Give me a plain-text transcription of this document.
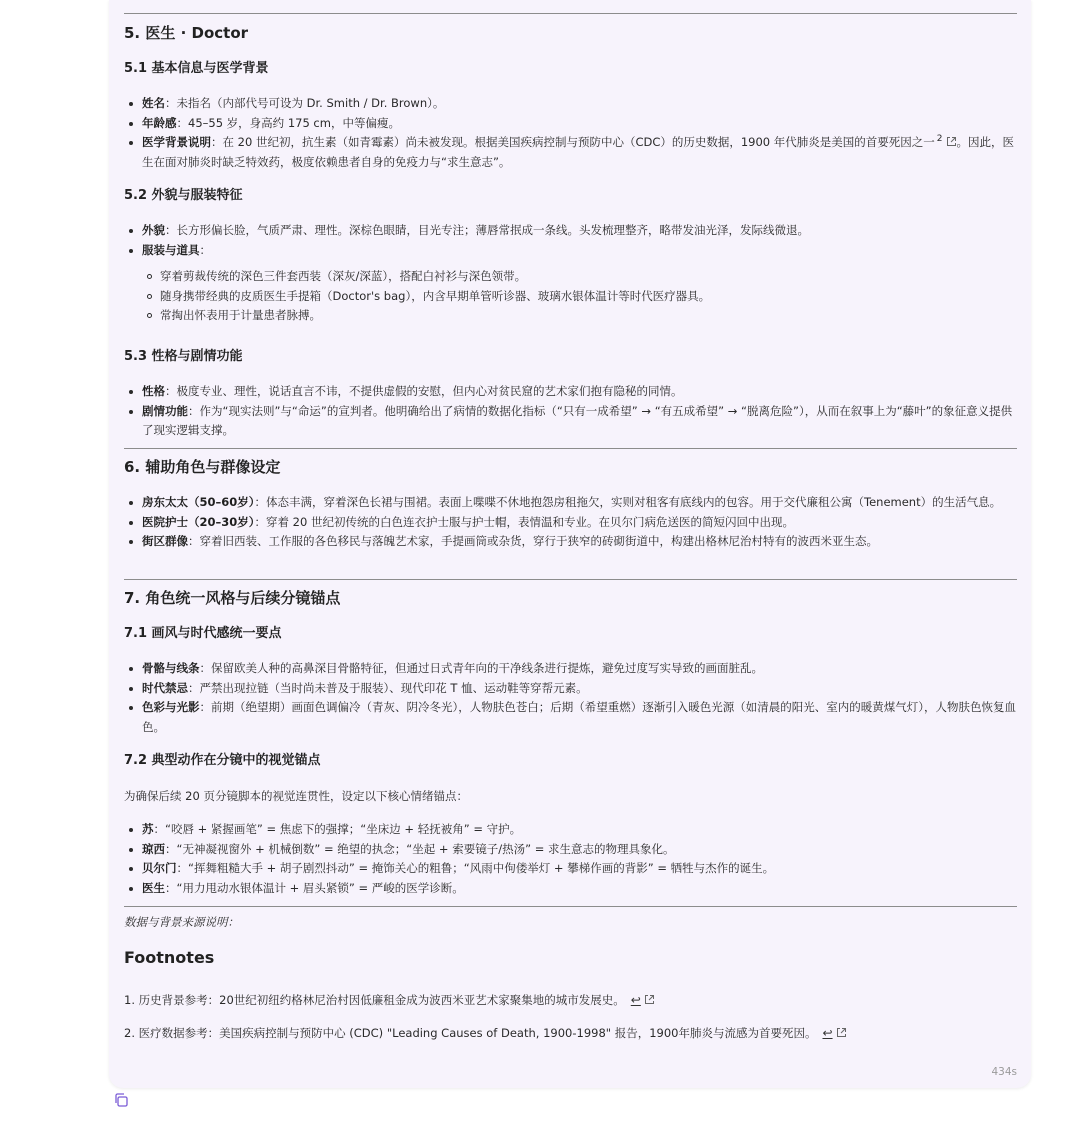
5. 医生 · Doctor
5.1 基本信息与医学背景
姓名：未指名（内部代号可设为 Dr. Smith / Dr. Brown）。
年龄感：45–55 岁，身高约 175 cm，中等偏瘦。
医学背景说明：在 20 世纪初，抗生素（如青霉素）尚未被发现。根据美国疾病控制与预防中心（CDC）的历史数据，1900 年代肺炎是美国的首要死因之一 $^2$ 。因此，医生在面对肺炎时缺乏特效药，极度依赖患者自身的免疫力与“求生意志”。
5.2 外貌与服装特征
外貌：长方形偏长脸，气质严肃、理性。深棕色眼睛，目光专注；薄唇常抿成一条线。头发梳理整齐，略带发油光泽，发际线微退。
服装与道具：
穿着剪裁传统的深色三件套西装（深灰/深蓝），搭配白衬衫与深色领带。
随身携带经典的皮质医生手提箱（Doctor's bag），内含早期单管听诊器、玻璃水银体温计等时代医疗器具。
常掏出怀表用于计量患者脉搏。
5.3 性格与剧情功能
性格：极度专业、理性，说话直言不讳，不提供虚假的安慰，但内心对贫民窟的艺术家们抱有隐秘的同情。
剧情功能：作为“现实法则”与“命运”的宣判者。他明确给出了病情的数据化指标（“只有一成希望” → “有五成希望” → “脱离危险”），从而在叙事上为“藤叶”的象征意义提供了现实逻辑支撑。
6. 辅助角色与群像设定
房东太太（50–60岁）：体态丰满，穿着深色长裙与围裙。表面上喋喋不休地抱怨房租拖欠，实则对租客有底线内的包容。用于交代廉租公寓（Tenement）的生活气息。
医院护士（20–30岁）：穿着 20 世纪初传统的白色连衣护士服与护士帽，表情温和专业。在贝尔门病危送医的简短闪回中出现。
街区群像：穿着旧西装、工作服的各色移民与落魄艺术家，手提画筒或杂货，穿行于狭窄的砖砌街道中，构建出格林尼治村特有的波西米亚生态。
7. 角色统一风格与后续分镜锚点
7.1 画风与时代感统一要点
骨骼与线条：保留欧美人种的高鼻深目骨骼特征，但通过日式青年向的干净线条进行提炼，避免过度写实导致的画面脏乱。
时代禁忌：严禁出现拉链（当时尚未普及于服装）、现代印花 T 恤、运动鞋等穿帮元素。
色彩与光影：前期（绝望期）画面色调偏冷（青灰、阴冷冬光），人物肤色苍白；后期（希望重燃）逐渐引入暖色光源（如清晨的阳光、室内的暖黄煤气灯），人物肤色恢复血色。
7.2 典型动作在分镜中的视觉锚点
为确保后续 20 页分镜脚本的视觉连贯性，设定以下核心情绪锚点：
苏：“咬唇 + 紧握画笔” = 焦虑下的强撑；“坐床边 + 轻抚被角” = 守护。
琼西：“无神凝视窗外 + 机械倒数” = 绝望的执念；“坐起 + 索要镜子/热汤” = 求生意志的物理具象化。
贝尔门：“挥舞粗糙大手 + 胡子剧烈抖动” = 掩饰关心的粗鲁；“风雨中佝偻举灯 + 攀梯作画的背影” = 牺牲与杰作的诞生。
医生：“用力甩动水银体温计 + 眉头紧锁” = 严峻的医学诊断。
数据与背景来源说明：
Footnotes
1. 历史背景参考：20世纪初纽约格林尼治村因低廉租金成为波西米亚艺术家聚集地的城市发展史。 ↩
2. 医疗数据参考：美国疾病控制与预防中心 (CDC) "Leading Causes of Death, 1900-1998" 报告，1900年肺炎与流感为首要死因。 ↩
434s
